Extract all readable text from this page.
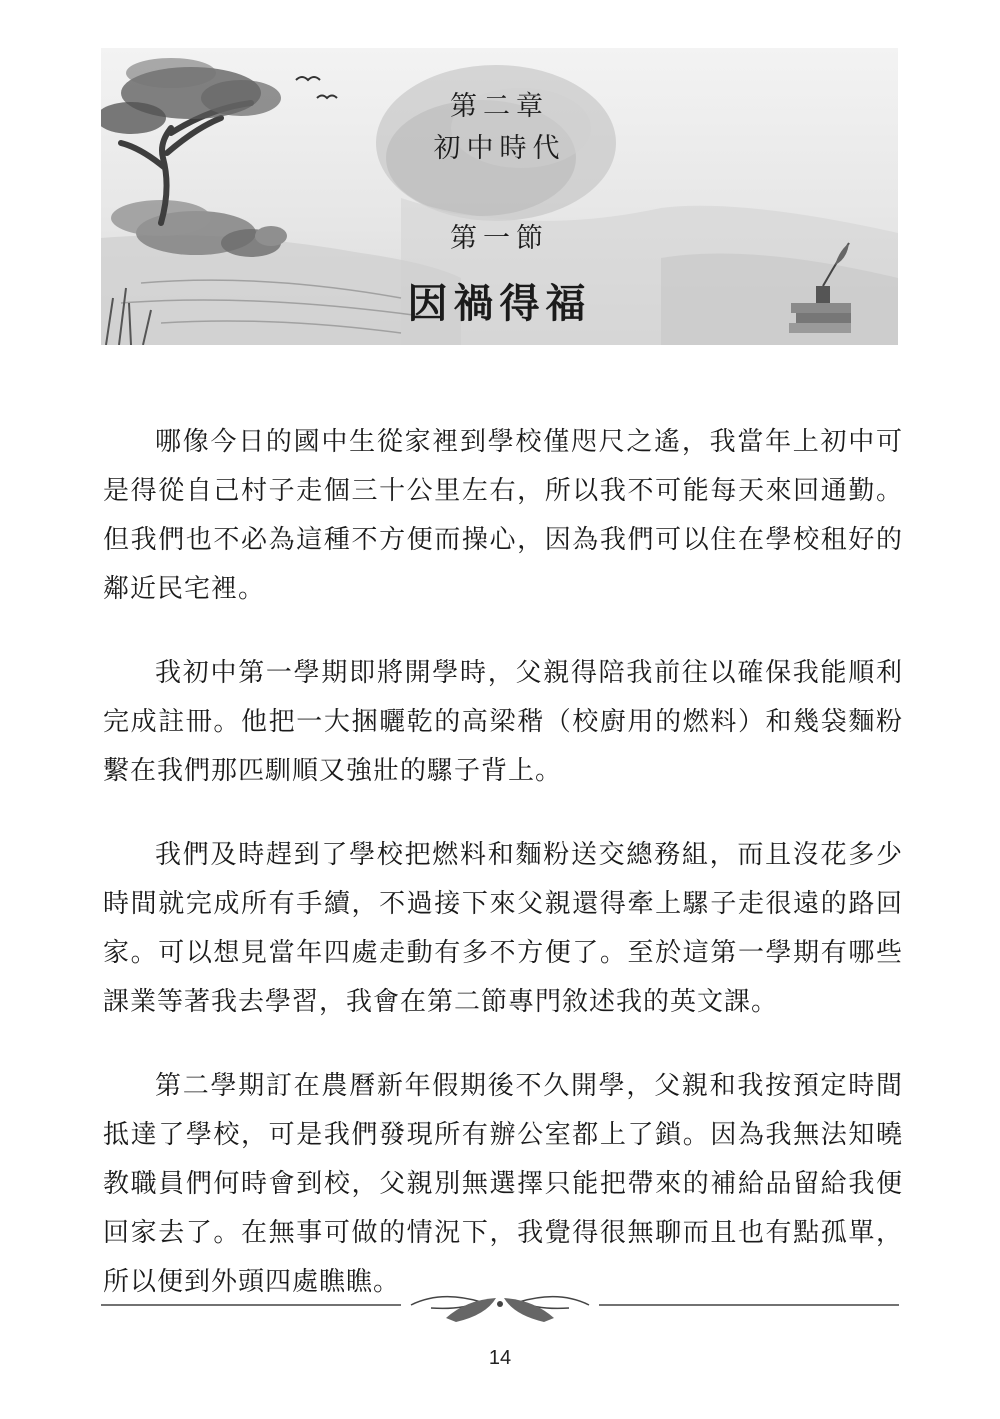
第二章
初中時代
第一節
因禍得福

哪像今日的國中生從家裡到學校僅咫尺之遙，我當年上初中可是得從自己村子走個三十公里左右，所以我不可能每天來回通勤。但我們也不必為這種不方便而操心，因為我們可以住在學校租好的鄰近民宅裡。

我初中第一學期即將開學時，父親得陪我前往以確保我能順利完成註冊。他把一大捆曬乾的高梁稭（校廚用的燃料）和幾袋麵粉繫在我們那匹馴順又強壯的騾子背上。

我們及時趕到了學校把燃料和麵粉送交總務組，而且沒花多少時間就完成所有手續，不過接下來父親還得牽上騾子走很遠的路回家。可以想見當年四處走動有多不方便了。至於這第一學期有哪些課業等著我去學習，我會在第二節專門敘述我的英文課。

第二學期訂在農曆新年假期後不久開學，父親和我按預定時間抵達了學校，可是我們發現所有辦公室都上了鎖。因為我無法知曉教職員們何時會到校，父親別無選擇只能把帶來的補給品留給我便回家去了。在無事可做的情況下，我覺得很無聊而且也有點孤單，所以便到外頭四處瞧瞧。

14
